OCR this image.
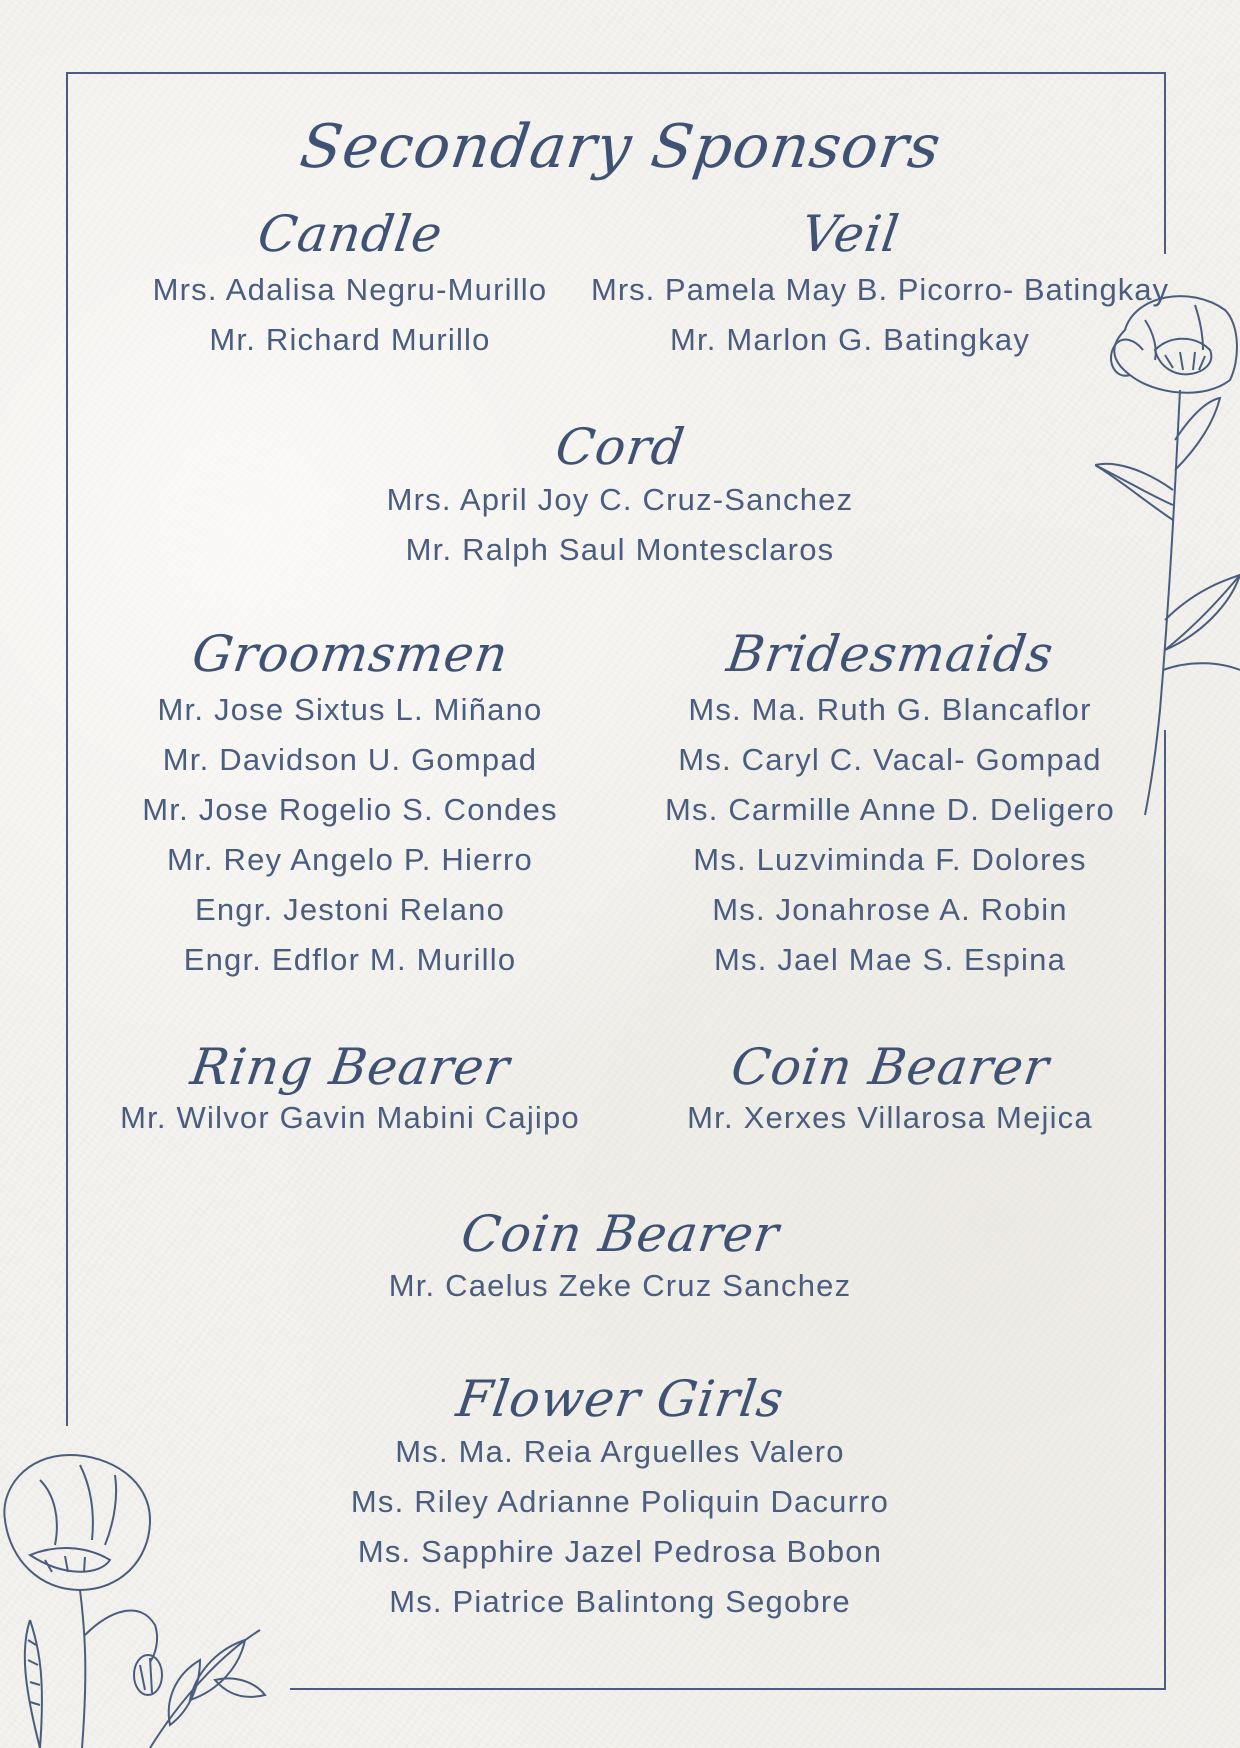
Secondary Sponsors
Candle
Mrs. Adalisa Negru-Murillo
Mr. Richard Murillo
Veil
Mrs. Pamela May B. Picorro- Batingkay
Mr. Marlon G. Batingkay
Cord
Mrs. April Joy C. Cruz-Sanchez
Mr. Ralph Saul Montesclaros
Groomsmen
Mr. Jose Sixtus L. Miñano
Mr. Davidson U. Gompad
Mr. Jose Rogelio S. Condes
Mr. Rey Angelo P. Hierro
Engr. Jestoni Relano
Engr. Edflor M. Murillo
Bridesmaids
Ms. Ma. Ruth G. Blancaflor
Ms. Caryl C. Vacal- Gompad
Ms. Carmille Anne D. Deligero
Ms. Luzviminda F. Dolores
Ms. Jonahrose A. Robin
Ms. Jael Mae S. Espina
Ring Bearer
Mr. Wilvor Gavin Mabini Cajipo
Coin Bearer
Mr. Xerxes Villarosa Mejica
Coin Bearer
Mr. Caelus Zeke Cruz Sanchez
Flower Girls
Ms. Ma. Reia Arguelles Valero
Ms. Riley Adrianne Poliquin Dacurro
Ms. Sapphire Jazel Pedrosa Bobon
Ms. Piatrice Balintong Segobre
